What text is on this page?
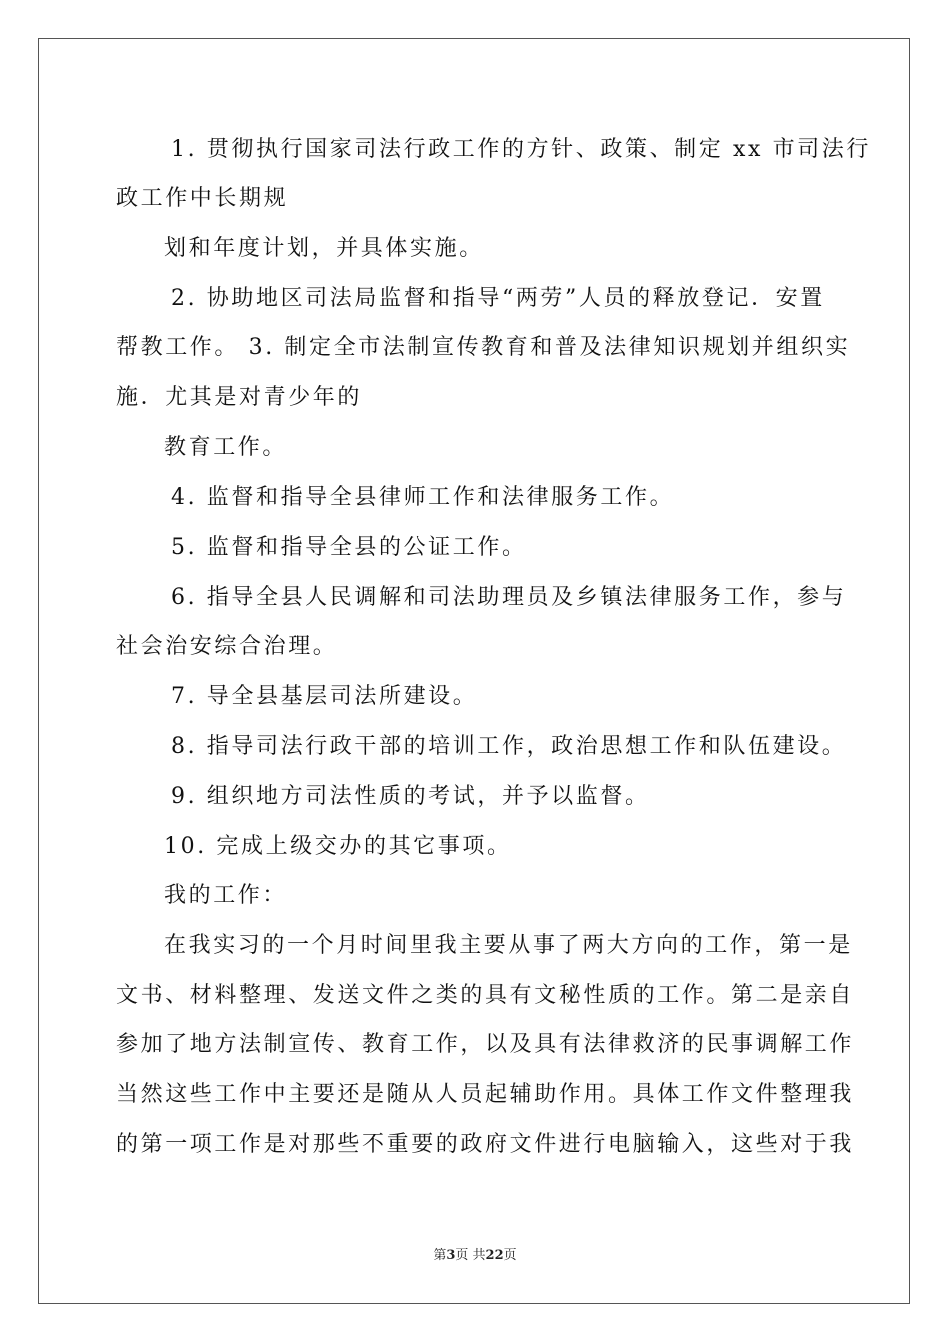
1. 贯彻执行国家司法行政工作的方针、政策、制定 xx 市司法行
政工作中长期规
划和年度计划，并具体实施。
2. 协助地区司法局监督和指导“两劳”人员的释放登记．安置
帮教工作。 3. 制定全市法制宣传教育和普及法律知识规划并组织实
施．尤其是对青少年的
教育工作。
4. 监督和指导全县律师工作和法律服务工作。
5. 监督和指导全县的公证工作。
6. 指导全县人民调解和司法助理员及乡镇法律服务工作，参与
社会治安综合治理。
7. 导全县基层司法所建设。
8. 指导司法行政干部的培训工作，政治思想工作和队伍建设。
9. 组织地方司法性质的考试，并予以监督。
10. 完成上级交办的其它事项。
我的工作：
在我实习的一个月时间里我主要从事了两大方向的工作，第一是
文书、材料整理、发送文件之类的具有文秘性质的工作。第二是亲自
参加了地方法制宣传、教育工作，以及具有法律救济的民事调解工作
当然这些工作中主要还是随从人员起辅助作用。具体工作文件整理我
的第一项工作是对那些不重要的政府文件进行电脑输入，这些对于我
第3页 共22页
